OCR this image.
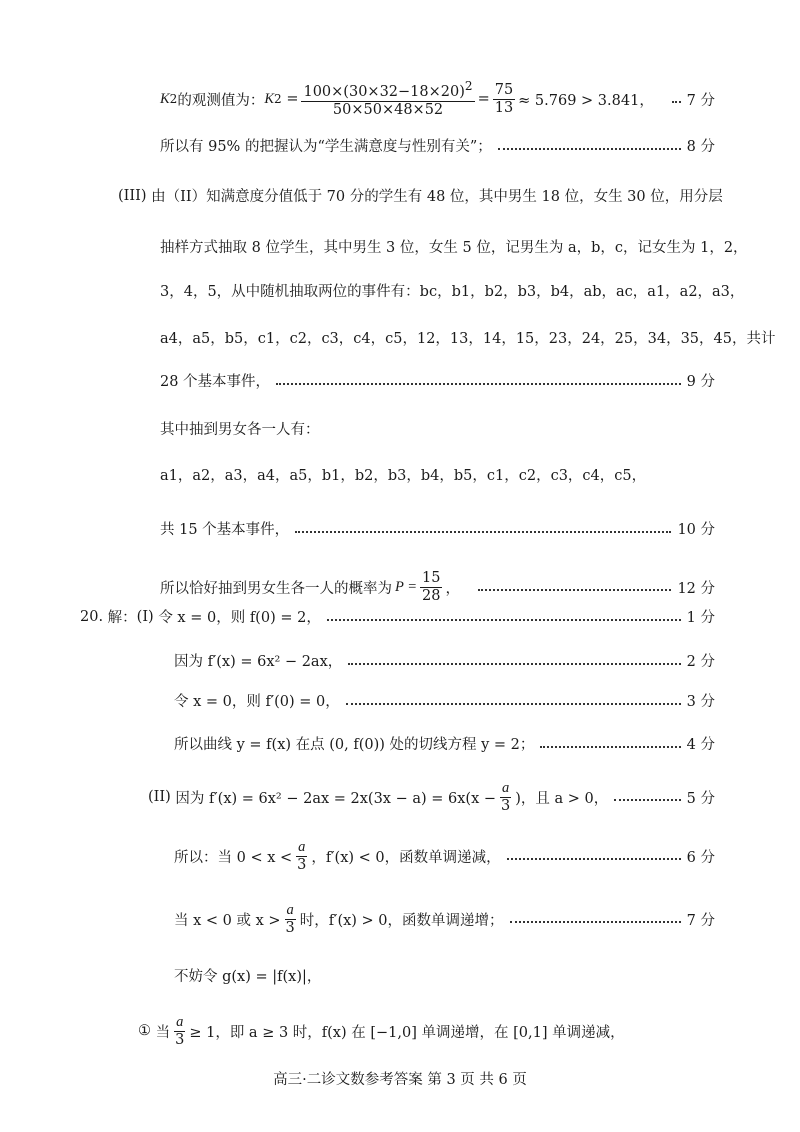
K 2 的观测值为： K $2 = \frac{100\times(30\times 32-18\times 20)^2}{50\times 50\times 48\times 52} = \frac{75}{13} \approx 5.769 > 3.841$， 7 分
所以有 95% 的把握认为“学生满意度与性别有关”；	8 分
(III)
由（II）知满意度分值低于 70 分的学生有 48 位，其中男生 18 位，女生 30 位，用分层
抽样方式抽取 8 位学生，其中男生 3 位，女生 5 位，记男生为 a，b，c，记女生为 1，2，
3，4，5，从中随机抽取两位的事件有：bc，b1，b2，b3，b4，ab，ac，a1，a2，a3，
a4，a5，b5，c1，c2，c3，c4，c5，12，13，14，15，23，24，25，34，35，45，共计
28 个基本事件，	9 分
其中抽到男女各一人有：
a1，a2，a3，a4，a5，b1，b2，b3，b4，b5，c1，c2，c3，c4，c5，
共 15 个基本事件，	10 分
所以恰好抽到男女生各一人的概率为 $P = \frac{15}{28}$ ，	12 分
20.
解： (I)
令 x = 0，则 f(0) = 2，	1 分
因为 f′(x) = 6x² − 2ax，	2 分
令 x = 0，则 f′(0) = 0，	3 分
所以曲线 y = f(x) 在点 (0, f(0)) 处的切线方程 y = 2；	4 分
(II)
因为 $f'(x) = 6x^2 - 2ax = 2x(3x - a) = 6x(x - \frac{a}{3}$ )，且 a > 0，	5 分
所以：当 $0 < x < \frac{a}{3}$ ，f′(x) < 0，函数单调递减，	6 分
当 x < 0 或 $x > \frac{a}{3}$ 时，f′(x) > 0，函数单调递增；	7 分
不妨令 g(x) = |f(x)|，
①
当 $\frac{a}{3} \ge 1$，即 a ≥ 3 时，f(x) 在 [−1,0] 单调递增，在 [0,1] 单调递减，
高三·二诊文数参考答案 第 3 页 共 6 页
